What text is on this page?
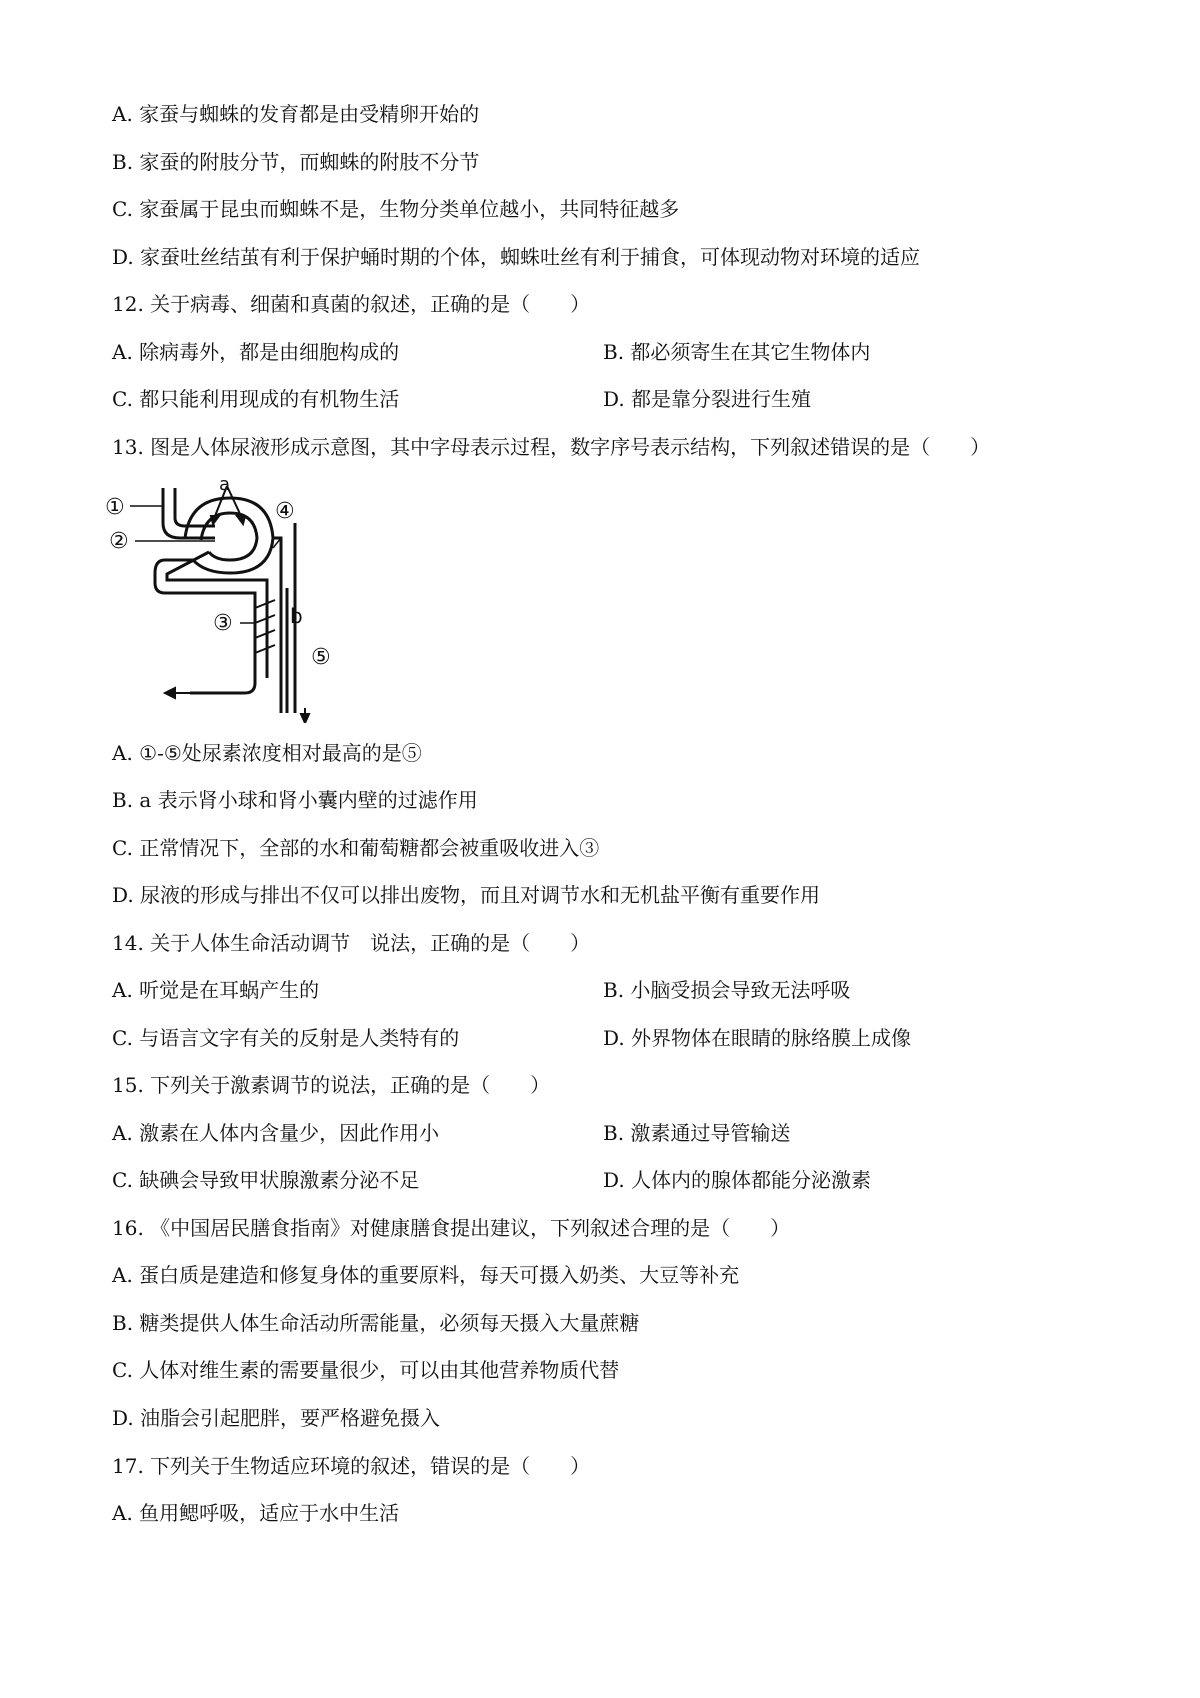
A. 家蚕与蜘蛛的发育都是由受精卵开始的
B. 家蚕的附肢分节，而蜘蛛的附肢不分节
C. 家蚕属于昆虫而蜘蛛不是，生物分类单位越小，共同特征越多
D. 家蚕吐丝结茧有利于保护蛹时期的个体，蜘蛛吐丝有利于捕食，可体现动物对环境的适应
12. 关于病毒、细菌和真菌的叙述，正确的是（　　）
A. 除病毒外，都是由细胞构成的	B. 都必须寄生在其它生物体内
C. 都只能利用现成的有机物生活	D. 都是靠分裂进行生殖
13. 图是人体尿液形成示意图，其中字母表示过程，数字序号表示结构，下列叙述错误的是（　　）
①
②
③
④
⑤
a
b
A. ①-⑤处尿素浓度相对最高的是⑤
B. a 表示肾小球和肾小囊内壁的过滤作用
C. 正常情况下，全部的水和葡萄糖都会被重吸收进入③
D. 尿液的形成与排出不仅可以排出废物，而且对调节水和无机盐平衡有重要作用
14. 关于人体生命活动调节　说法，正确的是（　　）
A. 听觉是在耳蜗产生的	B. 小脑受损会导致无法呼吸
C. 与语言文字有关的反射是人类特有的	D. 外界物体在眼睛的脉络膜上成像
15. 下列关于激素调节的说法，正确的是（　　）
A. 激素在人体内含量少，因此作用小	B. 激素通过导管输送
C. 缺碘会导致甲状腺激素分泌不足	D. 人体内的腺体都能分泌激素
16. 《中国居民膳食指南》对健康膳食提出建议，下列叙述合理的是（　　）
A. 蛋白质是建造和修复身体的重要原料，每天可摄入奶类、大豆等补充
B. 糖类提供人体生命活动所需能量，必须每天摄入大量蔗糖
C. 人体对维生素的需要量很少，可以由其他营养物质代替
D. 油脂会引起肥胖，要严格避免摄入
17. 下列关于生物适应环境的叙述，错误的是（　　）
A. 鱼用鳃呼吸，适应于水中生活
